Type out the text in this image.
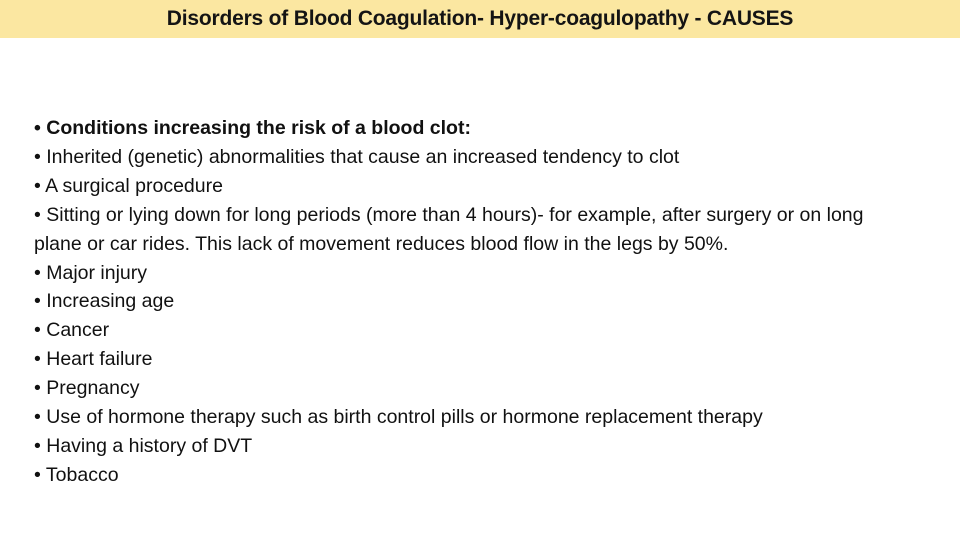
Disorders of Blood Coagulation- Hyper-coagulopathy - CAUSES

• Conditions increasing the risk of a blood clot:

• Inherited (genetic) abnormalities that cause an increased tendency to clot

• A surgical procedure

• Sitting or lying down for long periods (more than 4 hours)- for example, after surgery or on long plane or car rides. This lack of movement reduces blood flow in the legs by 50%.

• Major injury

• Increasing age

• Cancer

• Heart failure

• Pregnancy

• Use of hormone therapy such as birth control pills or hormone replacement therapy

• Having a history of DVT

• Tobacco
